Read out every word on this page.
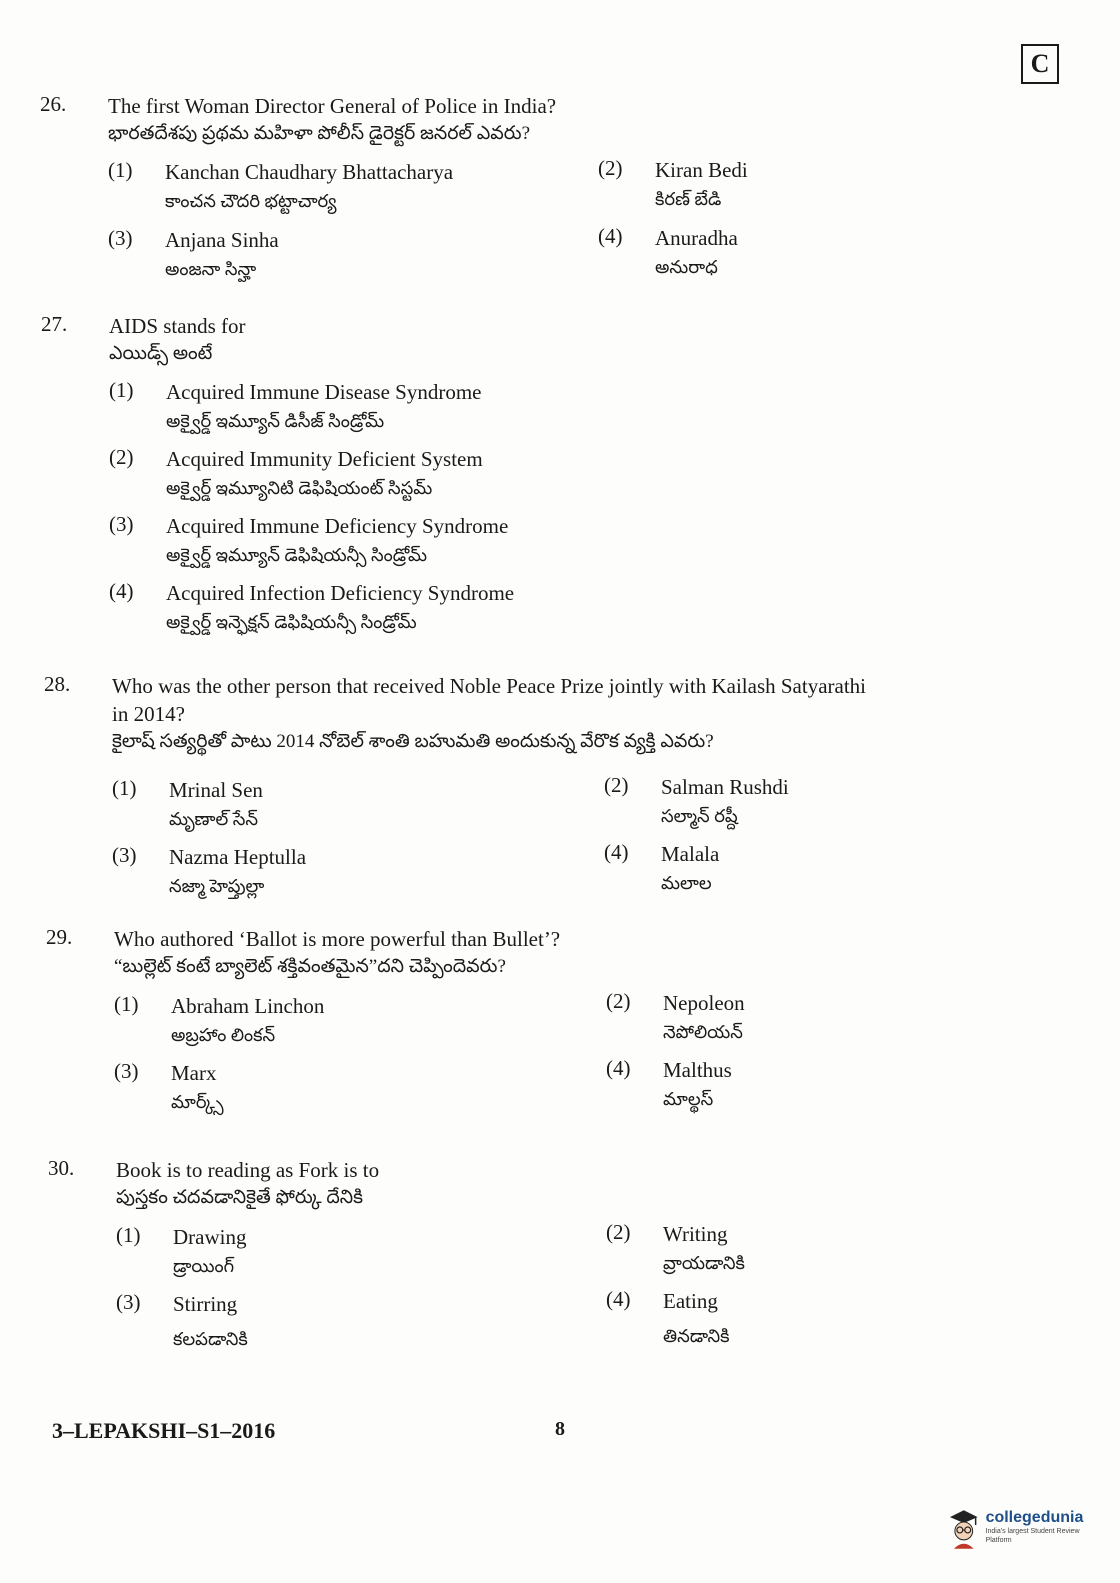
C
26. The first Woman Director General of Police in India?
భారతదేశపు ప్రథమ మహిళా పోలీస్ డైరెక్టర్ జనరల్ ఎవరు?
(1) Kanchan Chaudhary Bhattacharya
కాంచన చౌదరి భట్టాచార్య
(2) Kiran Bedi
కిరణ్ బేడి
(3) Anjana Sinha
అంజనా సిన్హా
(4) Anuradha
అనురాధ
27. AIDS stands for
ఎయిడ్స్ అంటే
(1) Acquired Immune Disease Syndrome
అక్వైర్డ్ ఇమ్యూన్ డిసీజ్ సిండ్రోమ్
(2) Acquired Immunity Deficient System
అక్వైర్డ్ ఇమ్యూనిటి డెఫిషియంట్ సిస్టమ్
(3) Acquired Immune Deficiency Syndrome
అక్వైర్డ్ ఇమ్యూన్ డెఫిషియన్సీ సిండ్రోమ్
(4) Acquired Infection Deficiency Syndrome
అక్వైర్డ్ ఇన్ఫెక్షన్ డెఫిషియన్సీ సిండ్రోమ్
28. Who was the other person that received Noble Peace Prize jointly with Kailash Satyarathi
in 2014?
కైలాష్ సత్యర్థితో పాటు 2014 నోబెల్ శాంతి బహుమతి అందుకున్న వేరొక వ్యక్తి ఎవరు?
(1) Mrinal Sen
మృణాల్ సేన్
(2) Salman Rushdi
సల్మాన్ రష్దీ
(3) Nazma Heptulla
నజ్మా హెప్తుల్లా
(4) Malala
మలాల
29. Who authored ‘Ballot is more powerful than Bullet’?
“బుల్లెట్ కంటే బ్యాలెట్ శక్తివంతమైన”దని చెప్పిందెవరు?
(1) Abraham Linchon
అబ్రహాం లింకన్
(2) Nepoleon
నెపోలియన్
(3) Marx
మార్క్స్
(4) Malthus
మాల్థస్
30. Book is to reading as Fork is to
పుస్తకం చదవడానికైతే ఫోర్కు దేనికి
(1) Drawing
డ్రాయింగ్
(2) Writing
వ్రాయడానికి
(3) Stirring
కలపడానికి
(4) Eating
తినడానికి
3–LEPAKSHI–S1–2016	8
collegedunia
India's largest Student Review Platform
